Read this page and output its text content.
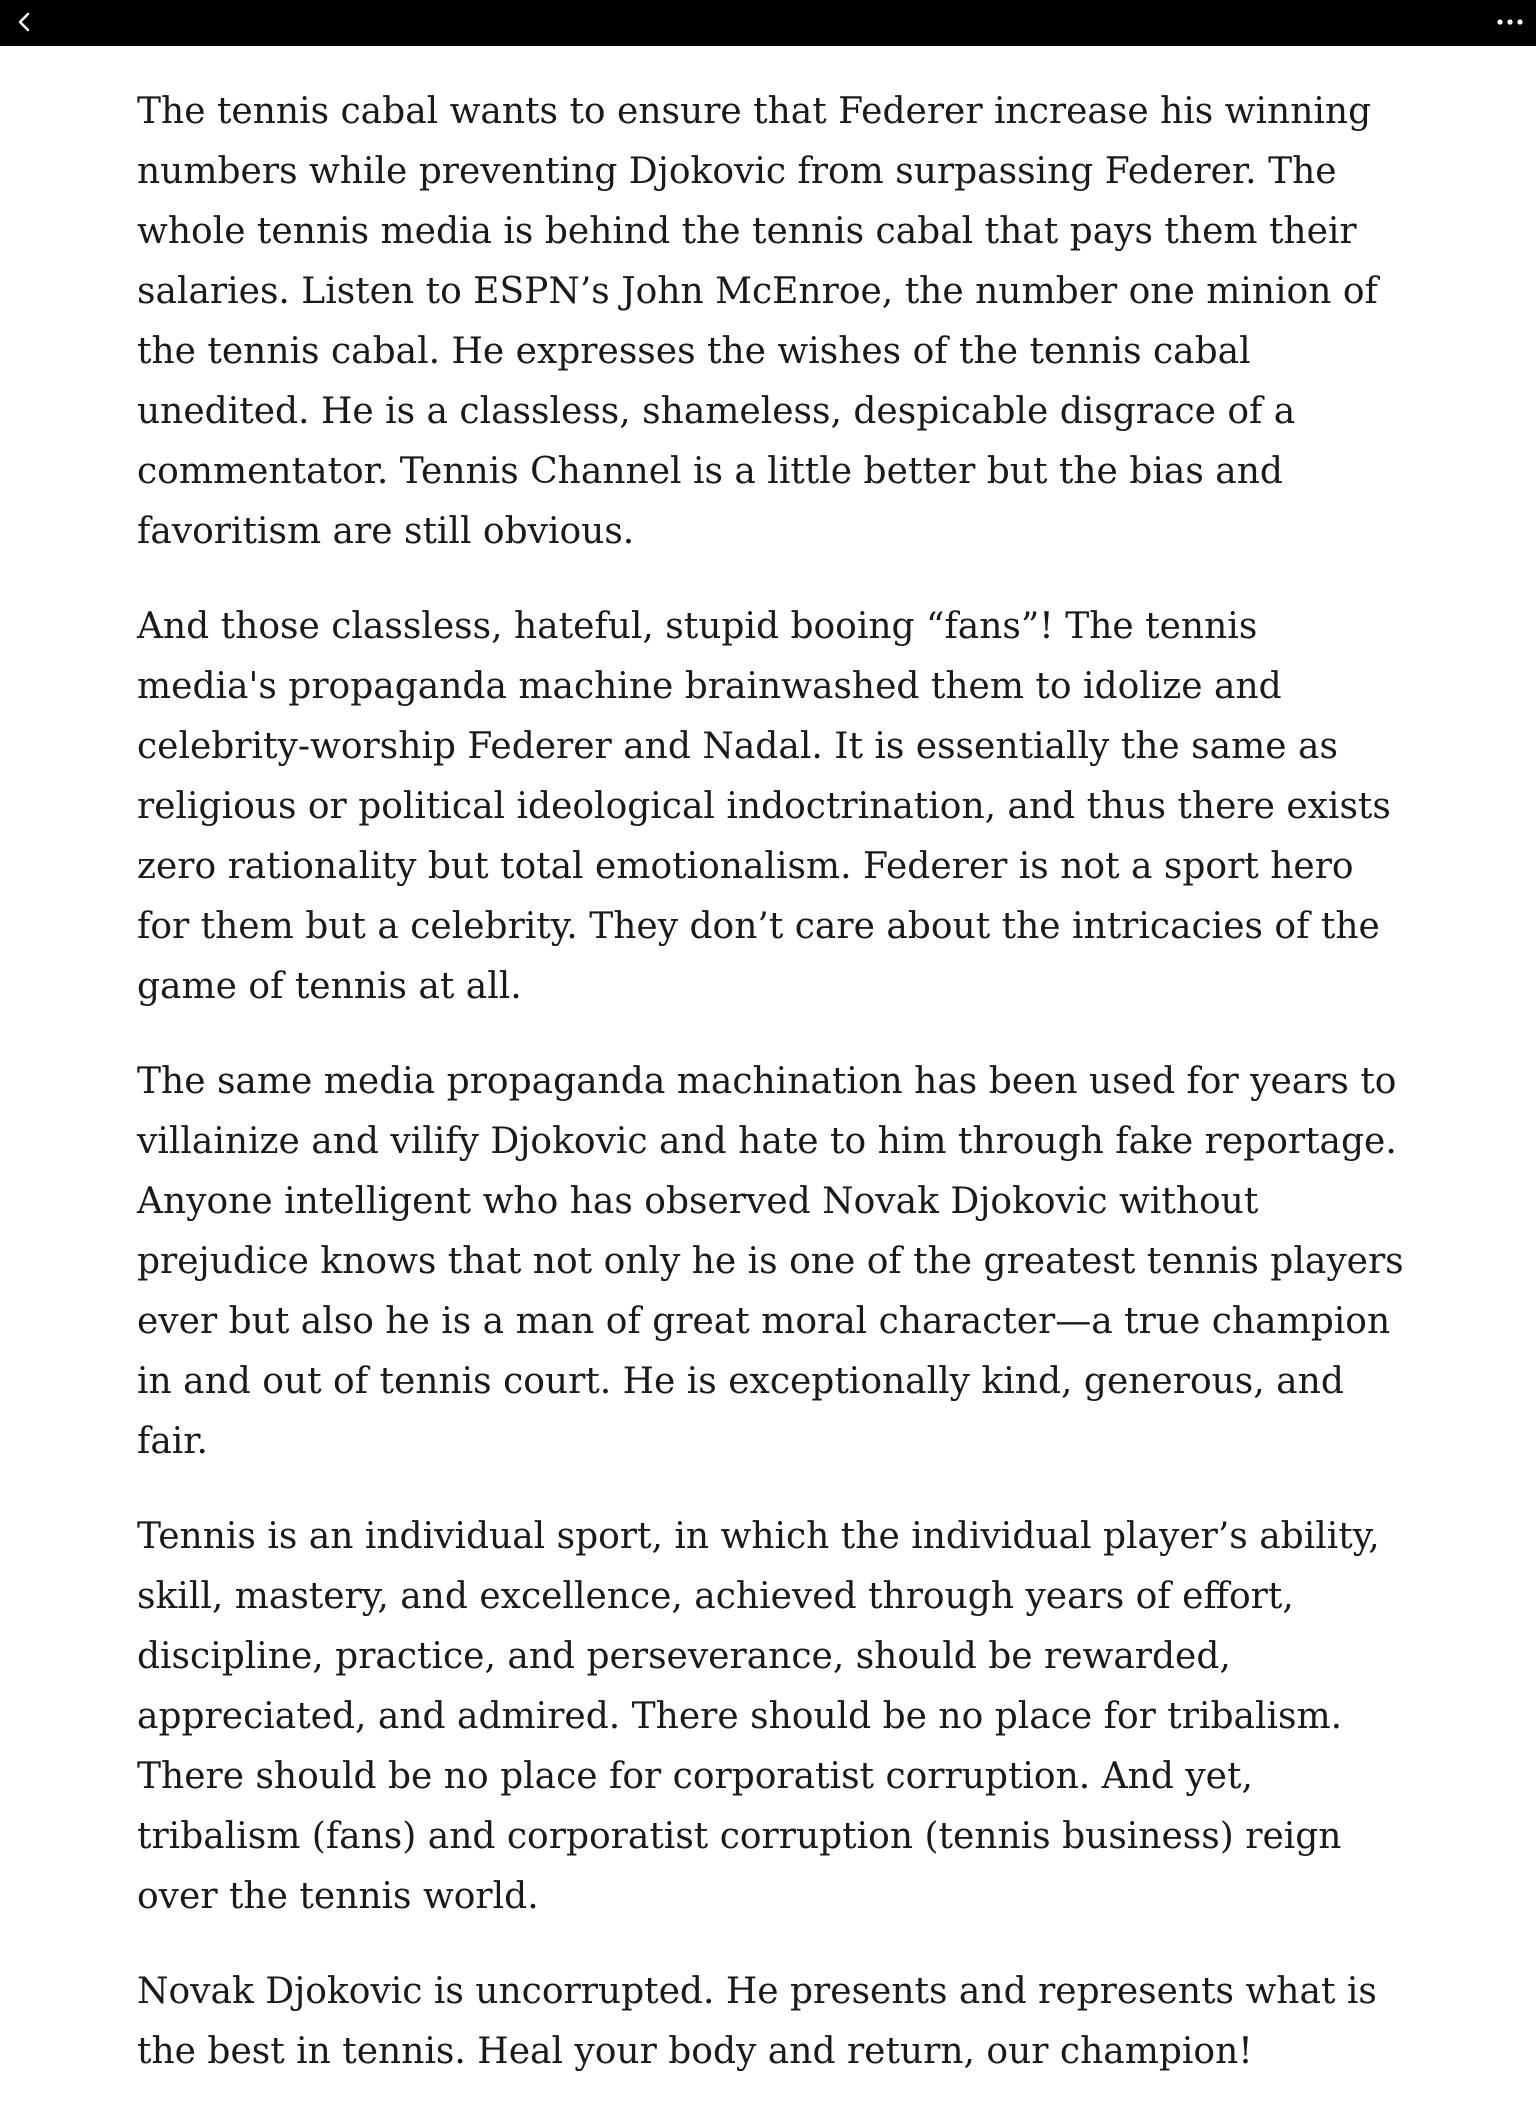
The tennis cabal wants to ensure that Federer increase his winning numbers while preventing Djokovic from surpassing Federer. The whole tennis media is behind the tennis cabal that pays them their salaries. Listen to ESPN’s John McEnroe, the number one minion of the tennis cabal. He expresses the wishes of the tennis cabal unedited. He is a classless, shameless, despicable disgrace of a commentator. Tennis Channel is a little better but the bias and favoritism are still obvious.

And those classless, hateful, stupid booing “fans”! The tennis media's propaganda machine brainwashed them to idolize and celebrity-worship Federer and Nadal. It is essentially the same as religious or political ideological indoctrination, and thus there exists zero rationality but total emotionalism. Federer is not a sport hero for them but a celebrity. They don’t care about the intricacies of the game of tennis at all.

The same media propaganda machination has been used for years to villainize and vilify Djokovic and hate to him through fake reportage. Anyone intelligent who has observed Novak Djokovic without prejudice knows that not only he is one of the greatest tennis players ever but also he is a man of great moral character—a true champion in and out of tennis court. He is exceptionally kind, generous, and fair.

Tennis is an individual sport, in which the individual player’s ability, skill, mastery, and excellence, achieved through years of effort, discipline, practice, and perseverance, should be rewarded, appreciated, and admired. There should be no place for tribalism. There should be no place for corporatist corruption. And yet, tribalism (fans) and corporatist corruption (tennis business) reign over the tennis world.

Novak Djokovic is uncorrupted. He presents and represents what is the best in tennis. Heal your body and return, our champion!
